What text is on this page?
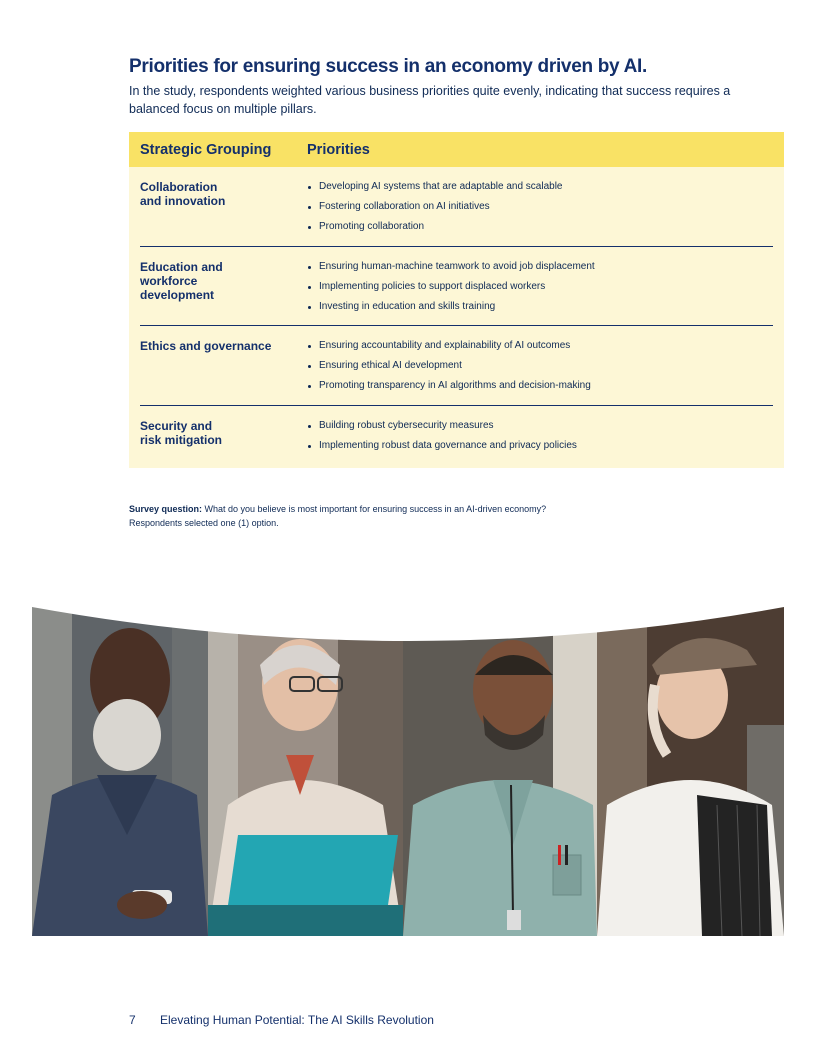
Priorities for ensuring success in an economy driven by AI.

In the study, respondents weighted various business priorities quite evenly, indicating that success requires a balanced focus on multiple pillars.

Strategic Grouping Priorities
Collaboration
and innovation
Developing AI systems that are adaptable and scalable
Fostering collaboration on AI initiatives
Promoting collaboration
Education and
workforce
development
Ensuring human-machine teamwork to avoid job displacement
Implementing policies to support displaced workers
Investing in education and skills training
Ethics and governance	Ensuring accountability and explainability of AI outcomes
Ensuring ethical AI development
Promoting transparency in AI algorithms and decision-making
Security and
risk mitigation
Building robust cybersecurity measures
Implementing robust data governance and privacy policies
Survey question: What do you believe is most important for ensuring success in an AI-driven economy?
Respondents selected one (1) option.
7 Elevating Human Potential: The AI Skills Revolution
